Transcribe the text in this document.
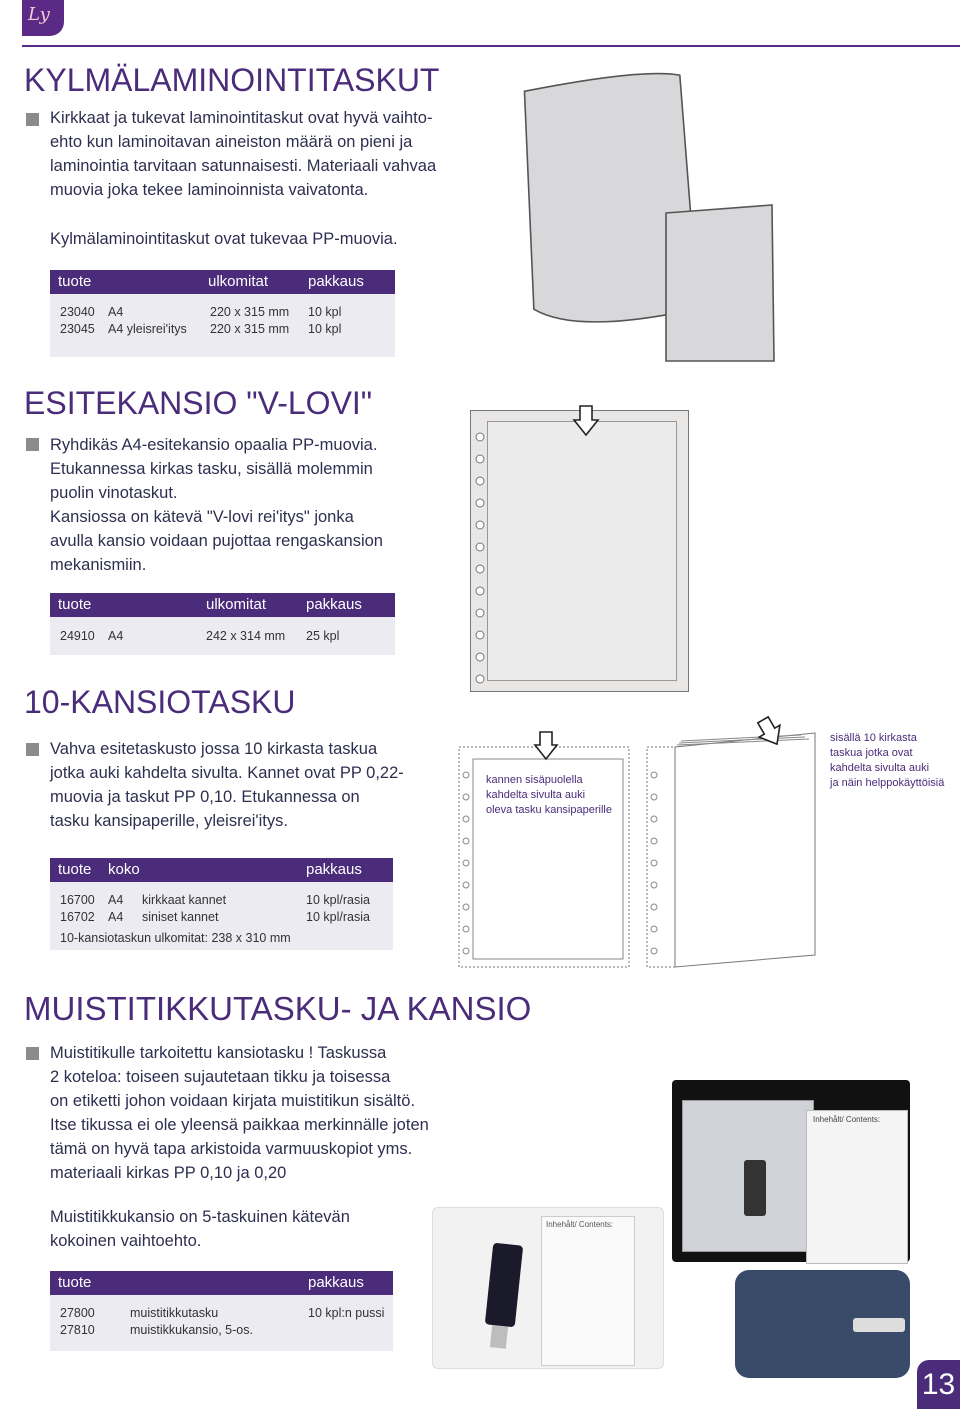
Ly
KYLMÄLAMINOINTITASKUT
Kirkkaat ja tukevat laminointitaskut ovat hyvä vaihto-
ehto kun laminoitavan aineiston määrä on pieni ja
laminointia tarvitaan satunnaisesti. Materiaali vahvaa
muovia joka tekee laminoinnista vaivatonta.
Kylmälaminointitaskut ovat tukevaa PP-muovia.
tuote	ulkomitat	pakkaus
23040 A4	220 x 315 mm 10 kpl
23045 A4 yleisrei'itys 220 x 315 mm 10 kpl
ESITEKANSIO "V-LOVI"
Ryhdikäs A4-esitekansio opaalia PP-muovia.
Etukannessa kirkas tasku, sisällä molemmin
puolin vinotaskut.
Kansiossa on kätevä "V-lovi rei'itys" jonka
avulla kansio voidaan pujottaa rengaskansion
mekanismiin.
tuote	ulkomitat	pakkaus
24910 A4	242 x 314 mm 25 kpl
10-KANSIOTASKU
Vahva esitetaskusto jossa 10 kirkasta taskua
jotka auki kahdelta sivulta. Kannet ovat PP 0,22-
muovia ja taskut PP 0,10. Etukannessa on
tasku kansipaperille, yleisrei'itys.
kannen sisäpuolella
kahdelta sivulta auki
oleva tasku kansipaperille
sisällä 10 kirkasta
taskua jotka ovat
kahdelta sivulta auki
ja näin helppokäyttöisiä
tuote koko	pakkaus
16700 A4 kirkkaat kannet	10 kpl/rasia
16702 A4 siniset kannet	10 kpl/rasia
10-kansiotaskun ulkomitat: 238 x 310 mm
MUISTITIKKUTASKU- JA KANSIO
Muistitikulle tarkoitettu kansiotasku ! Taskussa
2 koteloa: toiseen sujautetaan tikku ja toisessa
on etiketti johon voidaan kirjata muistitikun sisältö.
Itse tikussa ei ole yleensä paikkaa merkinnälle joten
tämä on hyvä tapa arkistoida varmuuskopiot yms.
materiaali kirkas PP 0,10 ja 0,20
Muistitikkukansio on 5-taskuinen kätevän
kokoinen vaihtoehto.
tuote	pakkaus
27800	muistitikkutasku	10 kpl:n pussi
27810	muistikkukansio, 5-os.
Inhehålt/ Contents:
Inhehålt/ Contents:
13
